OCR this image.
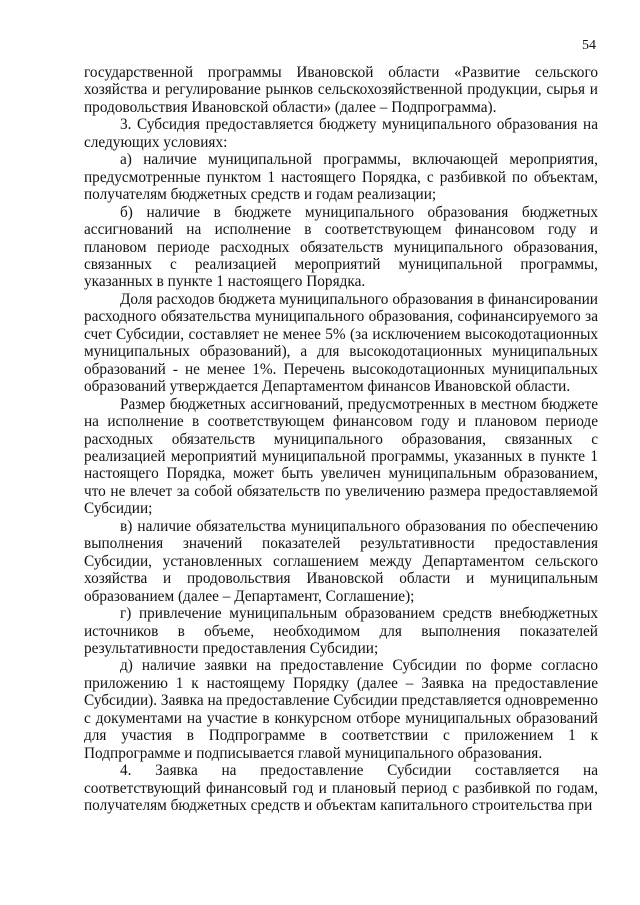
54

государственной программы Ивановской области «Развитие сельского хозяйства и регулирование рынков сельскохозяйственной продукции, сырья и продовольствия Ивановской области» (далее – Подпрограмма).

3. Субсидия предоставляется бюджету муниципального образования на следующих условиях:

а) наличие муниципальной программы, включающей мероприятия, предусмотренные пунктом 1 настоящего Порядка, с разбивкой по объектам, получателям бюджетных средств и годам реализации;

б) наличие в бюджете муниципального образования бюджетных ассигнований на исполнение в соответствующем финансовом году и плановом периоде расходных обязательств муниципального образования, связанных с реализацией мероприятий муниципальной программы, указанных в пункте 1 настоящего Порядка.

Доля расходов бюджета муниципального образования в финансировании расходного обязательства муниципального образования, софинансируемого за счет Субсидии, составляет не менее 5% (за исключением высокодотационных муниципальных образований), а для высокодотационных муниципальных образований - не менее 1%. Перечень высокодотационных муниципальных образований утверждается Департаментом финансов Ивановской области.

Размер бюджетных ассигнований, предусмотренных в местном бюджете на исполнение в соответствующем финансовом году и плановом периоде расходных обязательств муниципального образования, связанных с реализацией мероприятий муниципальной программы, указанных в пункте 1 настоящего Порядка, может быть увеличен муниципальным образованием, что не влечет за собой обязательств по увеличению размера предоставляемой Субсидии;

в) наличие обязательства муниципального образования по обеспечению выполнения значений показателей результативности предоставления Субсидии, установленных соглашением между Департаментом сельского хозяйства и продовольствия Ивановской области и муниципальным образованием (далее – Департамент, Соглашение);

г) привлечение муниципальным образованием средств внебюджетных источников в объеме, необходимом для выполнения показателей результативности предоставления Субсидии;

д) наличие заявки на предоставление Субсидии по форме согласно приложению 1 к настоящему Порядку (далее – Заявка на предоставление Субсидии). Заявка на предоставление Субсидии представляется одновременно с документами на участие в конкурсном отборе муниципальных образований для участия в Подпрограмме в соответствии с приложением 1 к Подпрограмме и подписывается главой муниципального образования.

4. Заявка на предоставление Субсидии составляется на соответствующий финансовый год и плановый период с разбивкой по годам, получателям бюджетных средств и объектам капитального строительства при
